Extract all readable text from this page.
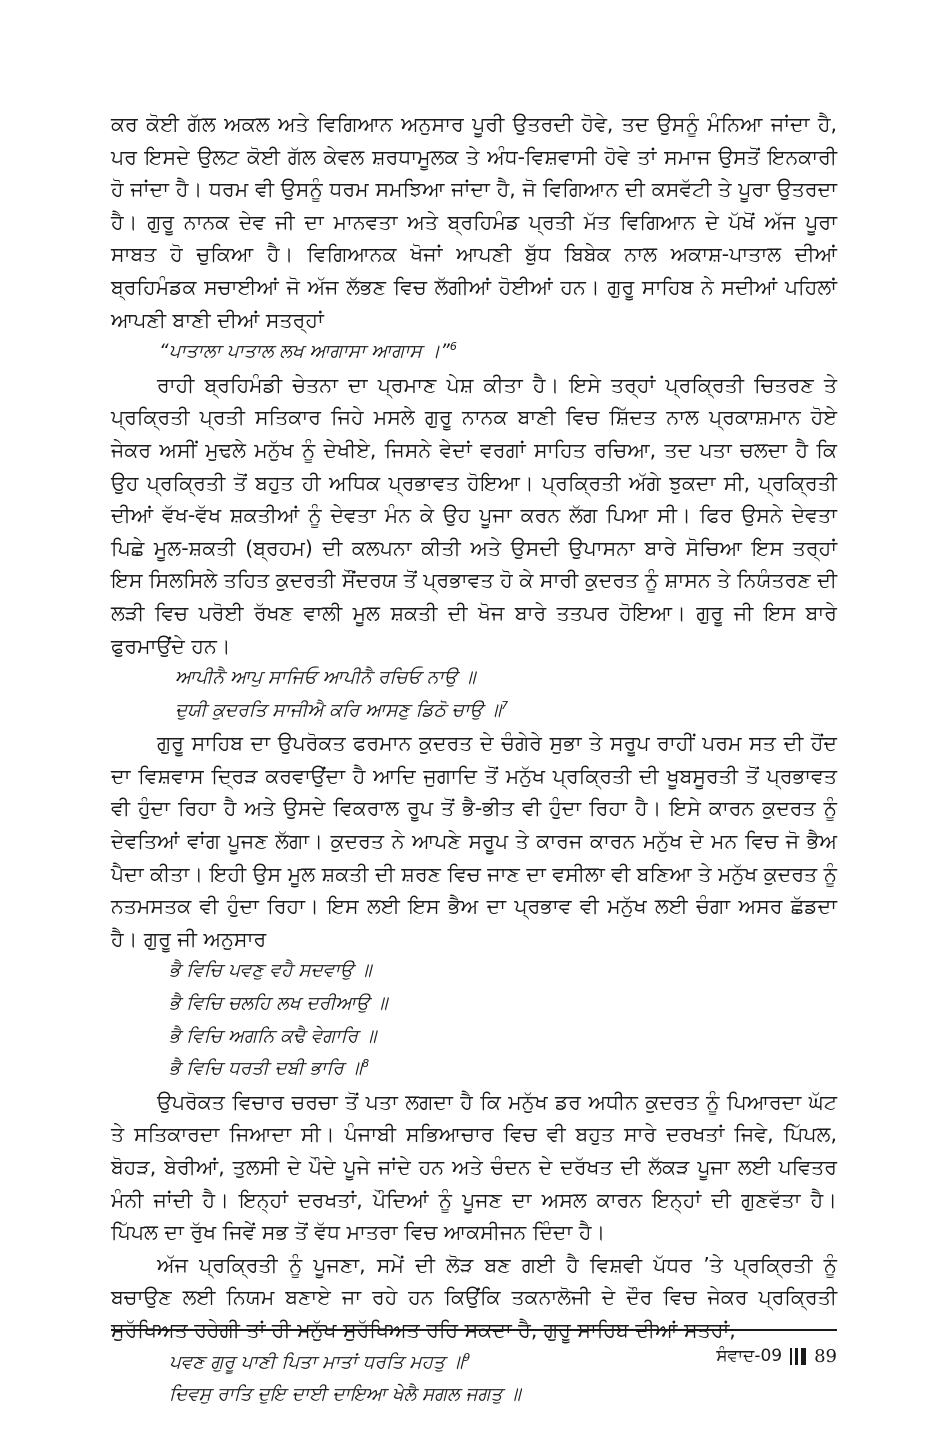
ਕਰ ਕੋਈ ਗੱਲ ਅਕਲ ਅਤੇ ਵਿਗਿਆਨ ਅਨੁਸਾਰ ਪੂਰੀ ਉਤਰਦੀ ਹੋਵੇ, ਤਦ ਉਸਨੂੰ ਮੰਨਿਆ ਜਾਂਦਾ ਹੈ, ਪਰ ਇਸਦੇ ਉਲਟ ਕੋਈ ਗੱਲ ਕੇਵਲ ਸ਼ਰਧਾਮੂਲਕ ਤੇ ਅੰਧ-ਵਿਸ਼ਵਾਸੀ ਹੋਵੇ ਤਾਂ ਸਮਾਜ ਉਸਤੋਂ ਇਨਕਾਰੀ ਹੋ ਜਾਂਦਾ ਹੈ। ਧਰਮ ਵੀ ਉਸਨੂੰ ਧਰਮ ਸਮਝਿਆ ਜਾਂਦਾ ਹੈ, ਜੋ ਵਿਗਿਆਨ ਦੀ ਕਸਵੱਟੀ ਤੇ ਪੂਰਾ ਉਤਰਦਾ ਹੈ। ਗੁਰੂ ਨਾਨਕ ਦੇਵ ਜੀ ਦਾ ਮਾਨਵਤਾ ਅਤੇ ਬ੍ਰਹਿਮੰਡ ਪ੍ਰਤੀ ਮੱਤ ਵਿਗਿਆਨ ਦੇ ਪੱਖੋਂ ਅੱਜ ਪੂਰਾ ਸਾਬਤ ਹੋ ਚੁਕਿਆ ਹੈ। ਵਿਗਿਆਨਕ ਖੋਜਾਂ ਆਪਣੀ ਬੁੱਧ ਬਿਬੇਕ ਨਾਲ ਅਕਾਸ਼-ਪਾਤਾਲ ਦੀਆਂ ਬ੍ਰਹਿਮੰਡਕ ਸਚਾਈਆਂ ਜੋ ਅੱਜ ਲੱਭਣ ਵਿਚ ਲੱਗੀਆਂ ਹੋਈਆਂ ਹਨ। ਗੁਰੂ ਸਾਹਿਬ ਨੇ ਸਦੀਆਂ ਪਹਿਲਾਂ ਆਪਣੀ ਬਾਣੀ ਦੀਆਂ ਸਤਰ੍ਹਾਂ

“ਪਾਤਾਲਾ ਪਾਤਾਲ ਲਖ ਆਗਾਸਾ ਆਗਾਸ ।”$^6$

ਰਾਹੀ ਬ੍ਰਹਿਮੰਡੀ ਚੇਤਨਾ ਦਾ ਪ੍ਰਮਾਣ ਪੇਸ਼ ਕੀਤਾ ਹੈ। ਇਸੇ ਤਰ੍ਹਾਂ ਪ੍ਰਕ੍ਰਿਤੀ ਚਿਤਰਣ ਤੇ ਪ੍ਰਕ੍ਰਿਤੀ ਪ੍ਰਤੀ ਸਤਿਕਾਰ ਜਿਹੇ ਮਸਲੇ ਗੁਰੂ ਨਾਨਕ ਬਾਣੀ ਵਿਚ ਸ਼ਿੱਦਤ ਨਾਲ ਪ੍ਰਕਾਸ਼ਮਾਨ ਹੋਏ ਜੇਕਰ ਅਸੀਂ ਮੁਢਲੇ ਮਨੁੱਖ ਨੂੰ ਦੇਖੀਏ, ਜਿਸਨੇ ਵੇਦਾਂ ਵਰਗਾਂ ਸਾਹਿਤ ਰਚਿਆ, ਤਦ ਪਤਾ ਚਲਦਾ ਹੈ ਕਿ ਉਹ ਪ੍ਰਕ੍ਰਿਤੀ ਤੋਂ ਬਹੁਤ ਹੀ ਅਧਿਕ ਪ੍ਰਭਾਵਤ ਹੋਇਆ। ਪ੍ਰਕ੍ਰਿਤੀ ਅੱਗੇ ਝੁਕਦਾ ਸੀ, ਪ੍ਰਕ੍ਰਿਤੀ ਦੀਆਂ ਵੱਖ-ਵੱਖ ਸ਼ਕਤੀਆਂ ਨੂੰ ਦੇਵਤਾ ਮੰਨ ਕੇ ਉਹ ਪੂਜਾ ਕਰਨ ਲੱਗ ਪਿਆ ਸੀ। ਫਿਰ ਉਸਨੇ ਦੇਵਤਾ ਪਿਛੇ ਮੂਲ-ਸ਼ਕਤੀ (ਬ੍ਰਹਮ) ਦੀ ਕਲਪਨਾ ਕੀਤੀ ਅਤੇ ਉਸਦੀ ਉਪਾਸਨਾ ਬਾਰੇ ਸੋਚਿਆ ਇਸ ਤਰ੍ਹਾਂ ਇਸ ਸਿਲਸਿਲੇ ਤਹਿਤ ਕੁਦਰਤੀ ਸੌਂਦਰਯ ਤੋਂ ਪ੍ਰਭਾਵਤ ਹੋ ਕੇ ਸਾਰੀ ਕੁਦਰਤ ਨੂੰ ਸ਼ਾਸਨ ਤੇ ਨਿਯੰਤਰਣ ਦੀ ਲੜੀ ਵਿਚ ਪਰੋਈ ਰੱਖਣ ਵਾਲੀ ਮੂਲ ਸ਼ਕਤੀ ਦੀ ਖੋਜ ਬਾਰੇ ਤਤਪਰ ਹੋਇਆ। ਗੁਰੂ ਜੀ ਇਸ ਬਾਰੇ ਫੁਰਮਾਉਂਦੇ ਹਨ।

ਆਪੀਨੈ ਆਪੁ ਸਾਜਿਓ ਆਪੀਨੈ ਰਚਿਓ ਨਾਉ ॥

ਦੁਯੀ ਕੁਦਰਤਿ ਸਾਜੀਐ ਕਰਿ ਆਸਣੁ ਡਿਠੋ ਚਾਉ ॥$^7$

ਗੁਰੂ ਸਾਹਿਬ ਦਾ ਉਪਰੋਕਤ ਫਰਮਾਨ ਕੁਦਰਤ ਦੇ ਚੰਗੇਰੇ ਸੁਭਾ ਤੇ ਸਰੂਪ ਰਾਹੀਂ ਪਰਮ ਸਤ ਦੀ ਹੋਂਦ ਦਾ ਵਿਸ਼ਵਾਸ ਦ੍ਰਿੜ ਕਰਵਾਉਂਦਾ ਹੈ ਆਦਿ ਜੁਗਾਦਿ ਤੋਂ ਮਨੁੱਖ ਪ੍ਰਕ੍ਰਿਤੀ ਦੀ ਖੂਬਸੂਰਤੀ ਤੋਂ ਪ੍ਰਭਾਵਤ ਵੀ ਹੁੰਦਾ ਰਿਹਾ ਹੈ ਅਤੇ ਉਸਦੇ ਵਿਕਰਾਲ ਰੂਪ ਤੋਂ ਭੈ-ਭੀਤ ਵੀ ਹੁੰਦਾ ਰਿਹਾ ਹੈ। ਇਸੇ ਕਾਰਨ ਕੁਦਰਤ ਨੂੰ ਦੇਵਤਿਆਂ ਵਾਂਗ ਪੂਜਣ ਲੱਗਾ। ਕੁਦਰਤ ਨੇ ਆਪਣੇ ਸਰੂਪ ਤੇ ਕਾਰਜ ਕਾਰਨ ਮਨੁੱਖ ਦੇ ਮਨ ਵਿਚ ਜੋ ਭੈਅ ਪੈਦਾ ਕੀਤਾ। ਇਹੀ ਉਸ ਮੂਲ ਸ਼ਕਤੀ ਦੀ ਸ਼ਰਣ ਵਿਚ ਜਾਣ ਦਾ ਵਸੀਲਾ ਵੀ ਬਣਿਆ ਤੇ ਮਨੁੱਖ ਕੁਦਰਤ ਨੂੰ ਨਤਮਸਤਕ ਵੀ ਹੁੰਦਾ ਰਿਹਾ। ਇਸ ਲਈ ਇਸ ਭੈਅ ਦਾ ਪ੍ਰਭਾਵ ਵੀ ਮਨੁੱਖ ਲਈ ਚੰਗਾ ਅਸਰ ਛੱਡਦਾ ਹੈ। ਗੁਰੂ ਜੀ ਅਨੁਸਾਰ

ਭੈ ਵਿਚਿ ਪਵਣੁ ਵਹੈ ਸਦਵਾਉ ॥

ਭੈ ਵਿਚਿ ਚਲਹਿ ਲਖ ਦਰੀਆਉ ॥

ਭੈ ਵਿਚਿ ਅਗਨਿ ਕਢੈ ਵੇਗਾਰਿ ॥

ਭੈ ਵਿਚਿ ਧਰਤੀ ਦਬੀ ਭਾਰਿ ॥$^8$

ਉਪਰੋਕਤ ਵਿਚਾਰ ਚਰਚਾ ਤੋਂ ਪਤਾ ਲਗਦਾ ਹੈ ਕਿ ਮਨੁੱਖ ਡਰ ਅਧੀਨ ਕੁਦਰਤ ਨੂੰ ਪਿਆਰਦਾ ਘੱਟ ਤੇ ਸਤਿਕਾਰਦਾ ਜਿਆਦਾ ਸੀ। ਪੰਜਾਬੀ ਸਭਿਆਚਾਰ ਵਿਚ ਵੀ ਬਹੁਤ ਸਾਰੇ ਦਰਖਤਾਂ ਜਿਵੇ, ਪਿੱਪਲ, ਬੋਹੜ, ਬੇਰੀਆਂ, ਤੁਲਸੀ ਦੇ ਪੌਦੇ ਪੂਜੇ ਜਾਂਦੇ ਹਨ ਅਤੇ ਚੰਦਨ ਦੇ ਦਰੱਖਤ ਦੀ ਲੱਕੜ ਪੂਜਾ ਲਈ ਪਵਿਤਰ ਮੰਨੀ ਜਾਂਦੀ ਹੈ। ਇਨ੍ਹਾਂ ਦਰਖਤਾਂ, ਪੌਦਿਆਂ ਨੂੰ ਪੂਜਣ ਦਾ ਅਸਲ ਕਾਰਨ ਇਨ੍ਹਾਂ ਦੀ ਗੁਣਵੱਤਾ ਹੈ। ਪਿੱਪਲ ਦਾ ਰੁੱਖ ਜਿਵੇਂ ਸਭ ਤੋਂ ਵੱਧ ਮਾਤਰਾ ਵਿਚ ਆਕਸੀਜਨ ਦਿੰਦਾ ਹੈ।

ਅੱਜ ਪ੍ਰਕ੍ਰਿਤੀ ਨੂੰ ਪੂਜਣਾ, ਸਮੇਂ ਦੀ ਲੋੜ ਬਣ ਗਈ ਹੈ ਵਿਸ਼ਵੀ ਪੱਧਰ ’ਤੇ ਪ੍ਰਕ੍ਰਿਤੀ ਨੂੰ ਬਚਾਉਣ ਲਈ ਨਿਯਮ ਬਣਾਏ ਜਾ ਰਹੇ ਹਨ ਕਿਉਂਕਿ ਤਕਨਾਲੋਜੀ ਦੇ ਦੌਰ ਵਿਚ ਜੇਕਰ ਪ੍ਰਕ੍ਰਿਤੀ ਸੁਰੱਖਿਅਤ ਰਹੇਗੀ ਤਾਂ ਹੀ ਮਨੁੱਖ ਸੁਰੱਖਿਅਤ ਰਹਿ ਸਕਦਾ ਹੈ, ਗੁਰੂ ਸਾਹਿਬ ਦੀਆਂ ਸਤਰਾਂ,

ਪਵਣ ਗੁਰੂ ਪਾਣੀ ਪਿਤਾ ਮਾਤਾਂ ਧਰਤਿ ਮਹਤੁ ॥$^9$

ਦਿਵਸੁ ਰਾਤਿ ਦੁਇ ਦਾਈ ਦਾਇਆ ਖੇਲੈ ਸਗਲ ਜਗਤੁ ॥

ਸੰਵਾਦ-09 89
